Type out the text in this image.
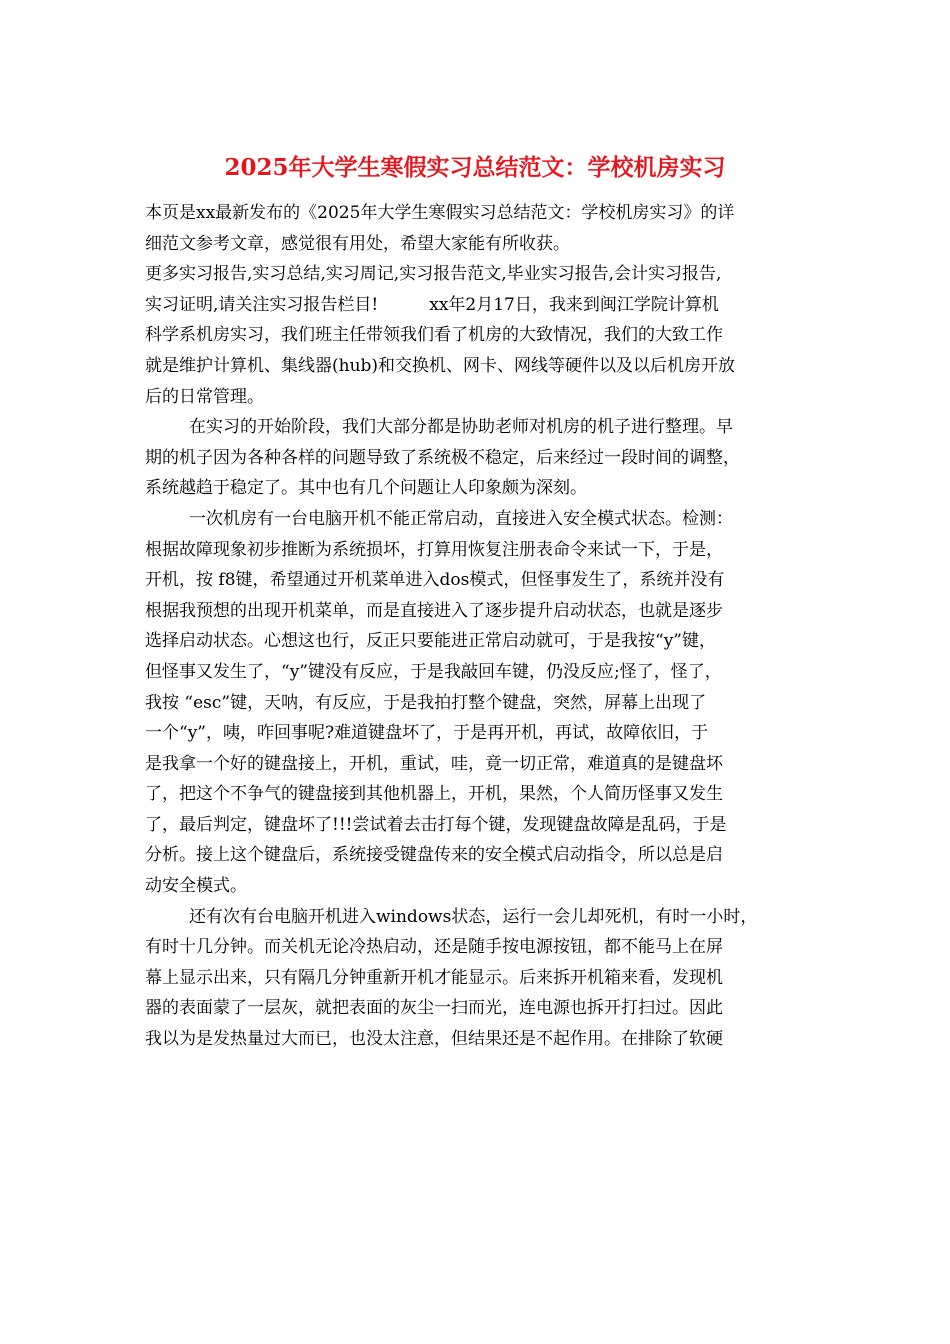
2025年大学生寒假实习总结范文：学校机房实习
本页是xx最新发布的《2025年大学生寒假实习总结范文：学校机房实习》的详
细范文参考文章，感觉很有用处，希望大家能有所收获。
更多实习报告,实习总结,实习周记,实习报告范文,毕业实习报告,会计实习报告,
实习证明,请关注实习报告栏目!　　　xx年2月17日，我来到闽江学院计算机
科学系机房实习，我们班主任带领我们看了机房的大致情况，我们的大致工作
就是维护计算机、集线器(hub)和交换机、网卡、网线等硬件以及以后机房开放
后的日常管理。
在实习的开始阶段，我们大部分都是协助老师对机房的机子进行整理。早
期的机子因为各种各样的问题导致了系统极不稳定，后来经过一段时间的调整，
系统越趋于稳定了。其中也有几个问题让人印象颇为深刻。
一次机房有一台电脑开机不能正常启动，直接进入安全模式状态。检测：
根据故障现象初步推断为系统损坏，打算用恢复注册表命令来试一下，于是，
开机，按 f8键，希望通过开机菜单进入dos模式，但怪事发生了，系统并没有
根据我预想的出现开机菜单，而是直接进入了逐步提升启动状态，也就是逐步
选择启动状态。心想这也行，反正只要能进正常启动就可，于是我按“y”键，
但怪事又发生了，“y”键没有反应，于是我敲回车键，仍没反应;怪了，怪了，
我按 “esc”键，天呐，有反应，于是我拍打整个键盘，突然，屏幕上出现了
一个“y”，咦，咋回事呢?难道键盘坏了，于是再开机，再试，故障依旧，于
是我拿一个好的键盘接上，开机，重试，哇，竟一切正常，难道真的是键盘坏
了，把这个不争气的键盘接到其他机器上，开机，果然，个人简历怪事又发生
了，最后判定，键盘坏了!!!尝试着去击打每个键，发现键盘故障是乱码，于是
分析。接上这个键盘后，系统接受键盘传来的安全模式启动指令，所以总是启
动安全模式。
还有次有台电脑开机进入windows状态，运行一会儿却死机，有时一小时，
有时十几分钟。而关机无论冷热启动，还是随手按电源按钮，都不能马上在屏
幕上显示出来，只有隔几分钟重新开机才能显示。后来拆开机箱来看，发现机
器的表面蒙了一层灰，就把表面的灰尘一扫而光，连电源也拆开打扫过。因此
我以为是发热量过大而已，也没太注意，但结果还是不起作用。在排除了软硬
